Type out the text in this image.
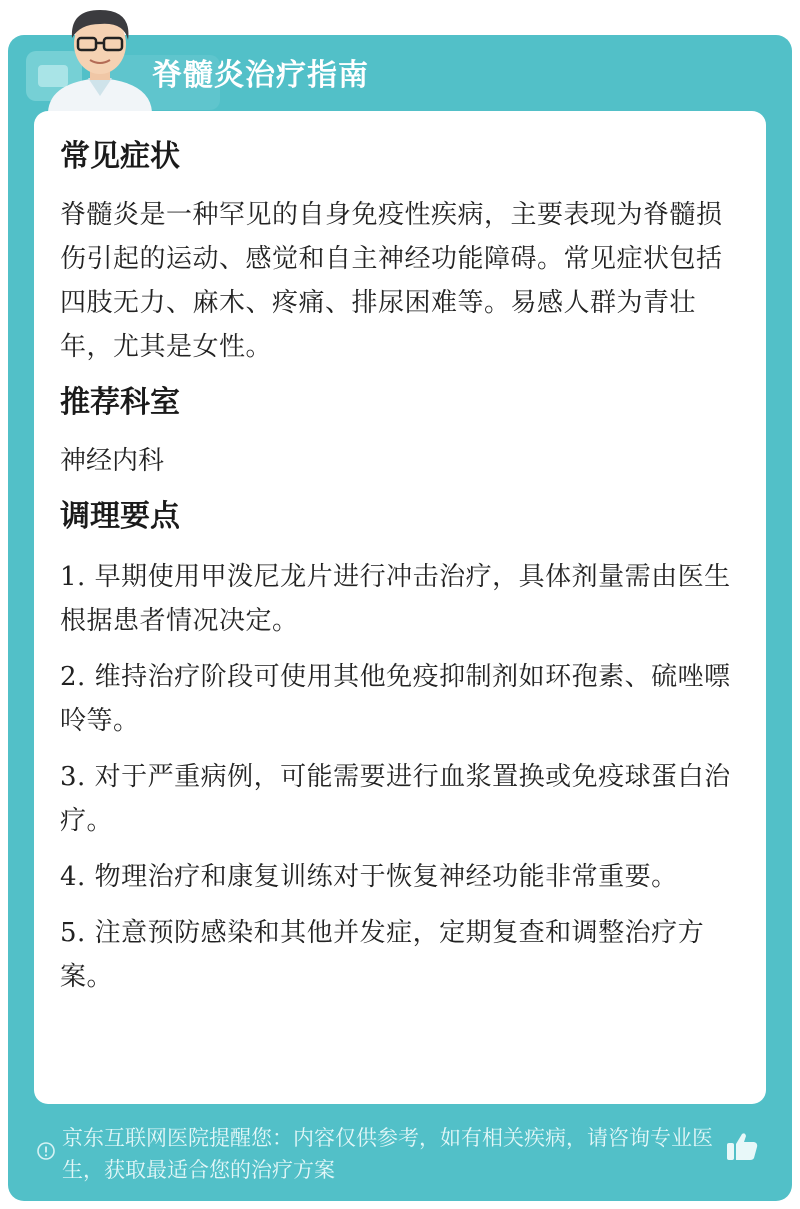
脊髓炎治疗指南
常见症状
脊髓炎是一种罕见的自身免疫性疾病，主要表现为脊髓损伤引起的运动、感觉和自主神经功能障碍。常见症状包括四肢无力、麻木、疼痛、排尿困难等。易感人群为青壮年，尤其是女性。
推荐科室
神经内科
调理要点
1. 早期使用甲泼尼龙片进行冲击治疗，具体剂量需由医生根据患者情况决定。
2. 维持治疗阶段可使用其他免疫抑制剂如环孢素、硫唑嘌呤等。
3. 对于严重病例，可能需要进行血浆置换或免疫球蛋白治疗。
4. 物理治疗和康复训练对于恢复神经功能非常重要。
5. 注意预防感染和其他并发症，定期复查和调整治疗方案。
京东互联网医院提醒您：内容仅供参考，如有相关疾病，请咨询专业医生，获取最适合您的治疗方案
